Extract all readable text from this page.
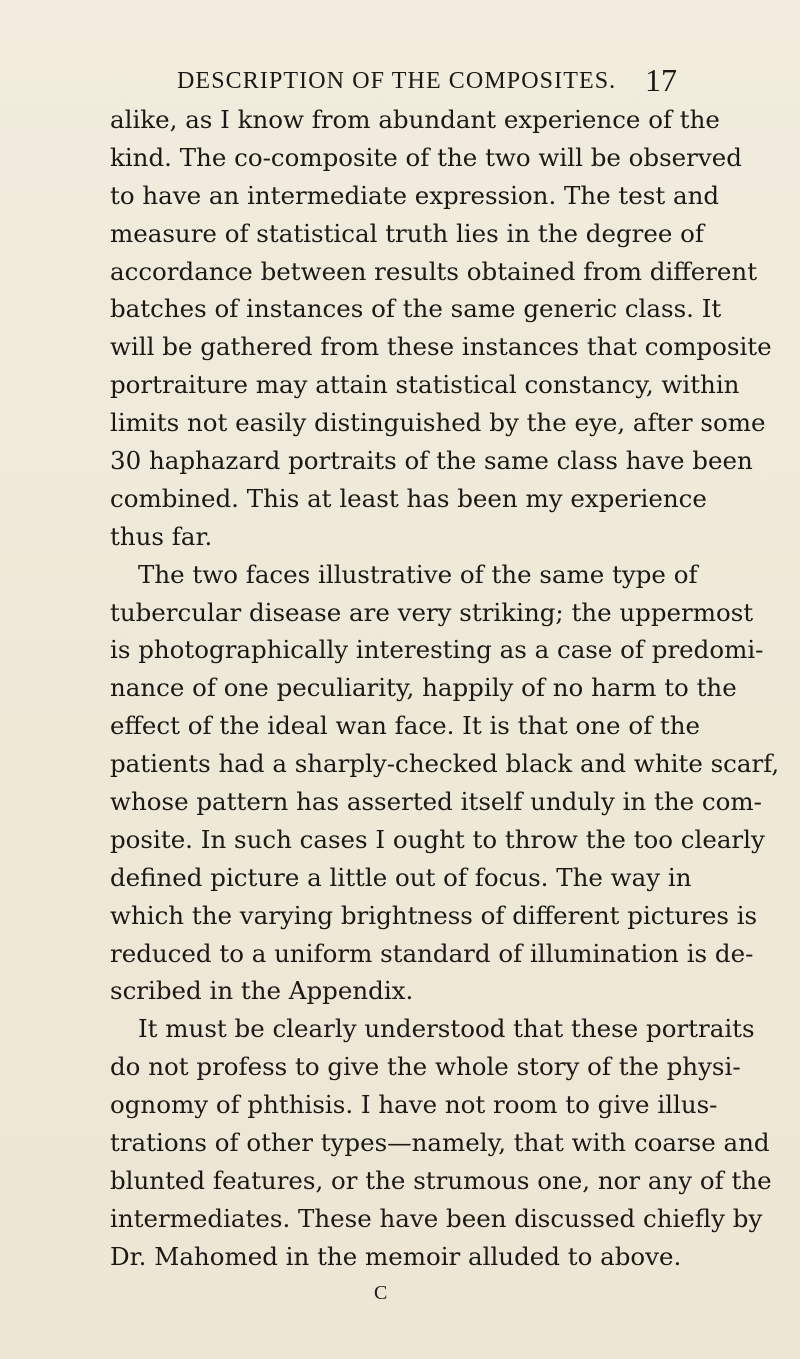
DESCRIPTION OF THE COMPOSITES. 17
alike, as I know from abundant experience of the
kind. The co-composite of the two will be observed
to have an intermediate expression. The test and
measure of statistical truth lies in the degree of
accordance between results obtained from different
batches of instances of the same generic class. It
will be gathered from these instances that composite
portraiture may attain statistical constancy, within
limits not easily distinguished by the eye, after some
30 haphazard portraits of the same class have been
combined. This at least has been my experience
thus far.
The two faces illustrative of the same type of
tubercular disease are very striking; the uppermost
is photographically interesting as a case of predomi-
nance of one peculiarity, happily of no harm to the
effect of the ideal wan face. It is that one of the
patients had a sharply-checked black and white scarf,
whose pattern has asserted itself unduly in the com-
posite. In such cases I ought to throw the too clearly
defined picture a little out of focus. The way in
which the varying brightness of different pictures is
reduced to a uniform standard of illumination is de-
scribed in the Appendix.
It must be clearly understood that these portraits
do not profess to give the whole story of the physi-
ognomy of phthisis. I have not room to give illus-
trations of other types—namely, that with coarse and
blunted features, or the strumous one, nor any of the
intermediates. These have been discussed chiefly by
Dr. Mahomed in the memoir alluded to above.
C
